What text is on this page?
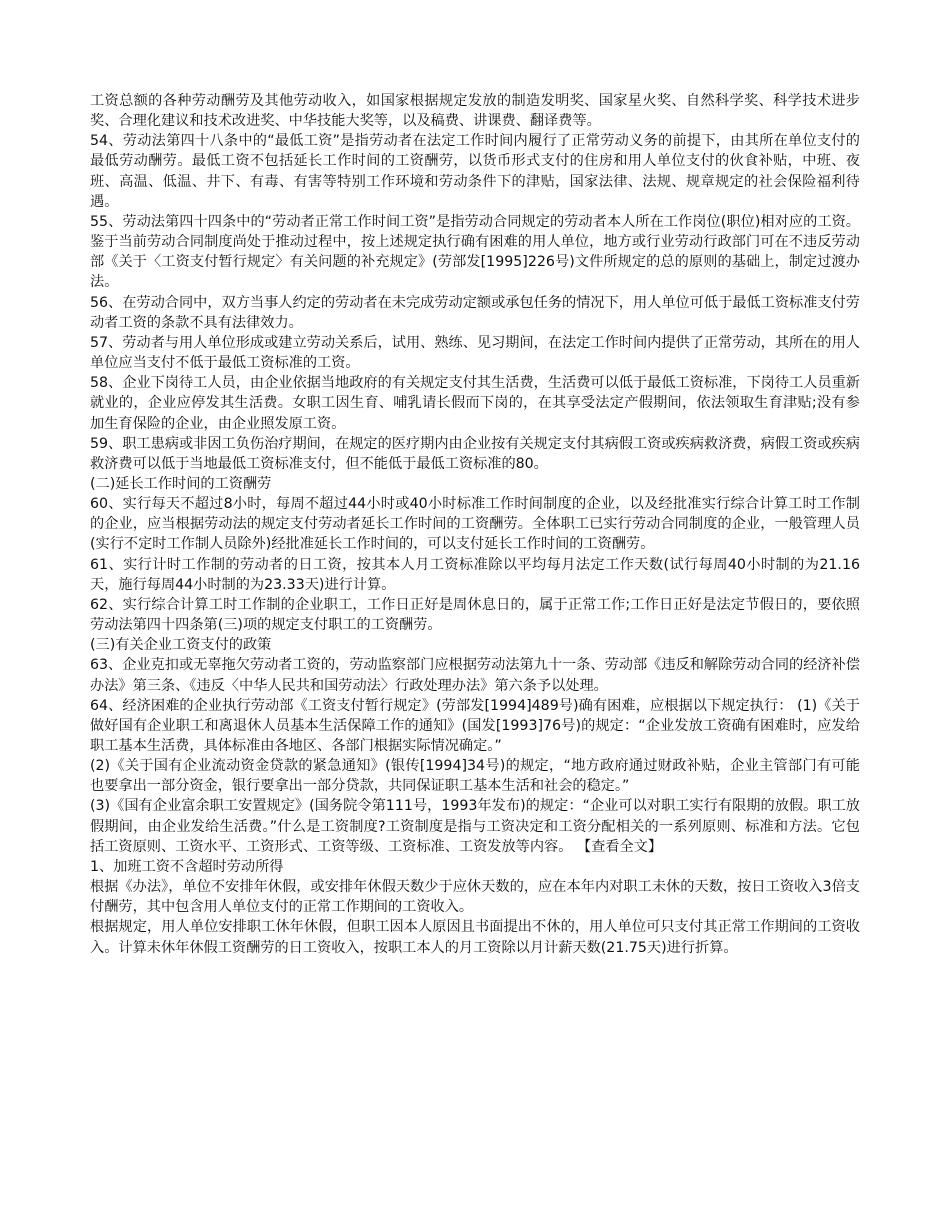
工资总额的各种劳动酬劳及其他劳动收入，如国家根据规定发放的制造发明奖、国家星火奖、自然科学奖、科学技术进步奖、合理化建议和技术改进奖、中华技能大奖等，以及稿费、讲课费、翻译费等。

54、劳动法第四十八条中的“最低工资”是指劳动者在法定工作时间内履行了正常劳动义务的前提下，由其所在单位支付的最低劳动酬劳。最低工资不包括延长工作时间的工资酬劳，以货币形式支付的住房和用人单位支付的伙食补贴，中班、夜班、高温、低温、井下、有毒、有害等特别工作环境和劳动条件下的津贴，国家法律、法规、规章规定的社会保险福利待遇。

55、劳动法第四十四条中的“劳动者正常工作时间工资”是指劳动合同规定的劳动者本人所在工作岗位(职位)相对应的工资。鉴于当前劳动合同制度尚处于推动过程中，按上述规定执行确有困难的用人单位，地方或行业劳动行政部门可在不违反劳动部《关于〈工资支付暂行规定〉有关问题的补充规定》(劳部发[1995]226号)文件所规定的总的原则的基础上，制定过渡办法。

56、在劳动合同中，双方当事人约定的劳动者在未完成劳动定额或承包任务的情况下，用人单位可低于最低工资标准支付劳动者工资的条款不具有法律效力。

57、劳动者与用人单位形成或建立劳动关系后，试用、熟练、见习期间，在法定工作时间内提供了正常劳动，其所在的用人单位应当支付不低于最低工资标准的工资。

58、企业下岗待工人员，由企业依据当地政府的有关规定支付其生活费，生活费可以低于最低工资标准，下岗待工人员重新就业的，企业应停发其生活费。女职工因生育、哺乳请长假而下岗的，在其享受法定产假期间，依法领取生育津贴;没有参加生育保险的企业，由企业照发原工资。

59、职工患病或非因工负伤治疗期间，在规定的医疗期内由企业按有关规定支付其病假工资或疾病救济费，病假工资或疾病救济费可以低于当地最低工资标准支付，但不能低于最低工资标准的80。

(二)延长工作时间的工资酬劳

60、实行每天不超过8小时，每周不超过44小时或40小时标准工作时间制度的企业，以及经批准实行综合计算工时工作制的企业，应当根据劳动法的规定支付劳动者延长工作时间的工资酬劳。全体职工已实行劳动合同制度的企业，一般管理人员(实行不定时工作制人员除外)经批准延长工作时间的，可以支付延长工作时间的工资酬劳。

61、实行计时工作制的劳动者的日工资，按其本人月工资标准除以平均每月法定工作天数(试行每周40小时制的为21.16天，施行每周44小时制的为23.33天)进行计算。

62、实行综合计算工时工作制的企业职工，工作日正好是周休息日的，属于正常工作;工作日正好是法定节假日的，要依照劳动法第四十四条第(三)项的规定支付职工的工资酬劳。

(三)有关企业工资支付的政策

63、企业克扣或无辜拖欠劳动者工资的，劳动监察部门应根据劳动法第九十一条、劳动部《违反和解除劳动合同的经济补偿办法》第三条、《违反〈中华人民共和国劳动法〉行政处理办法》第六条予以处理。

64、经济困难的企业执行劳动部《工资支付暂行规定》(劳部发[1994]489号)确有困难，应根据以下规定执行： (1)《关于做好国有企业职工和离退休人员基本生活保障工作的通知》(国发[1993]76号)的规定：“企业发放工资确有困难时，应发给职工基本生活费，具体标准由各地区、各部门根据实际情况确定。”

(2)《关于国有企业流动资金贷款的紧急通知》(银传[1994]34号)的规定，“地方政府通过财政补贴，企业主管部门有可能也要拿出一部分资金，银行要拿出一部分贷款，共同保证职工基本生活和社会的稳定。”

(3)《国有企业富余职工安置规定》(国务院令第111号，1993年发布)的规定：“企业可以对职工实行有限期的放假。职工放假期间，由企业发给生活费。”什么是工资制度?工资制度是指与工资决定和工资分配相关的一系列原则、标准和方法。它包括工资原则、工资水平、工资形式、工资等级、工资标准、工资发放等内容。 【查看全文】

1、加班工资不含超时劳动所得

根据《办法》，单位不安排年休假，或安排年休假天数少于应休天数的，应在本年内对职工未休的天数，按日工资收入3倍支付酬劳，其中包含用人单位支付的正常工作期间的工资收入。

根据规定，用人单位安排职工休年休假，但职工因本人原因且书面提出不休的，用人单位可只支付其正常工作期间的工资收入。计算未休年休假工资酬劳的日工资收入，按职工本人的月工资除以月计薪天数(21.75天)进行折算。
